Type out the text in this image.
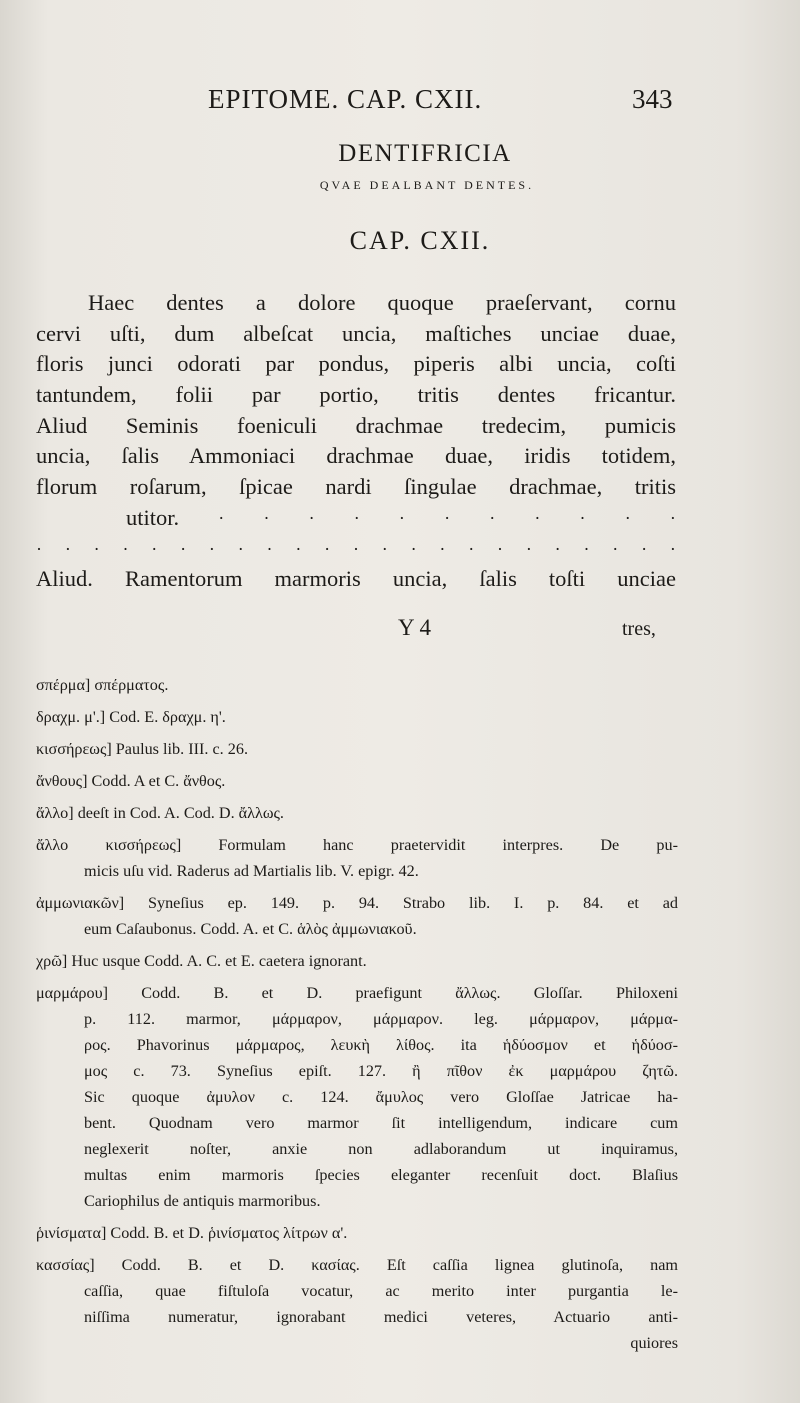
EPITOME. CAP. CXII.	343
DENTIFRICIA
QVAE DEALBANT DENTES.
CAP. CXII.
Haec dentes a dolore quoque praeſervant, cornu
cervi uſti, dum albeſcat uncia, maſtiches unciae duae,
floris junci odorati par pondus, piperis albi uncia, coſti
tantundem, folii par portio, tritis dentes fricantur.
Aliud Seminis foeniculi drachmae tredecim, pumicis
uncia, ſalis Ammoniaci drachmae duae, iridis totidem,
florum roſarum, ſpicae nardi ſingulae drachmae, tritis
utitor. · · · · · · · · · · ·
· · · · · · · · · · · · · · · · · · · · · · ·
Aliud. Ramentorum marmoris uncia, ſalis toſti unciae
Y 4	tres,
σπέρμα] σπέρματος.
δραχμ. μ'.] Cod. E. δραχμ. η'.
κισσήρεως] Paulus lib. III. c. 26.
ἄνθους] Codd. A et C. ἄνθος.
ἄλλο] deeſt in Cod. A. Cod. D. ἄλλως.
ἄλλο κισσήρεως] Formulam hanc praetervidit interpres. De pu-
micis uſu vid. Raderus ad Martialis lib. V. epigr. 42.
ἀμμωνιακῶν] Syneſius ep. 149. p. 94. Strabo lib. I. p. 84. et ad
eum Caſaubonus. Codd. A. et C. ἁλὸς ἀμμωνιακοῦ.
χρῶ] Huc usque Codd. A. C. et E. caetera ignorant.
μαρμάρου] Codd. B. et D. praefigunt ἄλλως. Gloſſar. Philoxeni
p. 112. marmor, μάρμαρον, μάρμαρον. leg. μάρμαρον, μάρμα-
ρος. Phavorinus μάρμαρος, λευκὴ λίθος. ita ἡδύοσμον et ἡδύοσ-
μος c. 73. Syneſius epiſt. 127. ἢ πῖθον ἐκ μαρμάρου ζητῶ.
Sic quoque ἀμυλον c. 124. ἄμυλος vero Gloſſae Jatricae ha-
bent. Quodnam vero marmor ſit intelligendum, indicare cum
neglexerit noſter, anxie non adlaborandum ut inquiramus,
multas enim marmoris ſpecies eleganter recenſuit doct. Blaſius
Cariophilus de antiquis marmoribus.
ῥινίσματα] Codd. B. et D. ῥινίσματος λίτρων α'.
κασσίας] Codd. B. et D. κασίας. Eſt caſſia lignea glutinoſa, nam
caſſia, quae fiſtuloſa vocatur, ac merito inter purgantia le-
niſſima numeratur, ignorabant medici veteres, Actuario anti-
quiores
